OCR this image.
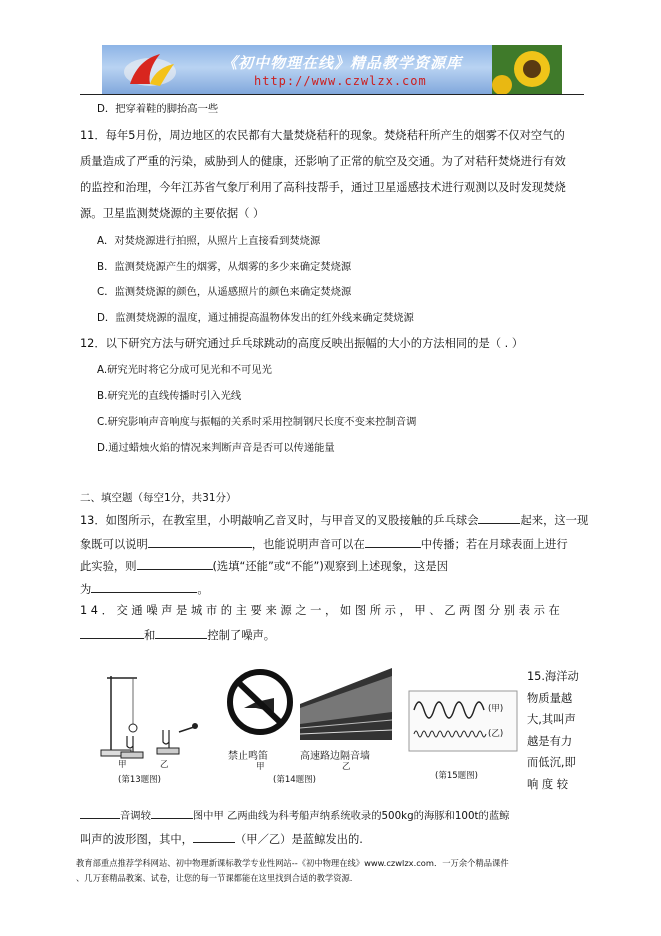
《初中物理在线》精品教学资源库
http://www.czwlzx.com
D．把穿着鞋的脚抬高一些
11．每年5月份，周边地区的农民都有大量焚烧秸秆的现象。焚烧秸秆所产生的烟雾不仅对空气的
质量造成了严重的污染，威胁到人的健康，还影响了正常的航空及交通。为了对秸秆焚烧进行有效
的监控和治理，今年江苏省气象厅利用了高科技帮手，通过卫星遥感技术进行观测以及时发现焚烧
源。卫星监测焚烧源的主要依据（ ）
A．对焚烧源进行拍照，从照片上直接看到焚烧源
B．监测焚烧源产生的烟雾，从烟雾的多少来确定焚烧源
C．监测焚烧源的颜色，从遥感照片的颜色来确定焚烧源
D．监测焚烧源的温度，通过捕提高温物体发出的红外线来确定焚烧源
12．以下研究方法与研究通过乒乓球跳动的高度反映出振幅的大小的方法相同的是（ . ）
A.研究光时将它分成可见光和不可见光
B.研究光的直线传播时引入光线
C.研究影响声音响度与振幅的关系时采用控制钢尺长度不变来控制音调
D.通过蜡烛火焰的情况来判断声音是否可以传递能量
二、填空题（每空1分，共31分）
13．如图所示，在教室里，小明敲响乙音叉时，与甲音叉的叉股接触的乒乓球会	起来，这一现
象既可以说明	，也能说明声音可以在	中传播；若在月球表面上进行
此实验，则	(选填“还能”或“不能”)观察到上述现象，这是因
为	。
14．交通噪声是城市的主要来源之一，如图所示，甲、乙两图分别表示在
和	控制了噪声。
甲	乙
(第13题图)
禁止鸣笛
甲
高速路边隔音墙
乙
(第14题图)
(甲)
(乙)
(第15题图)
15.海洋动
物质量越
大,其叫声
越是有力
而低沉,即
响 度 较
音调较	图中甲 乙两曲线为科考船声纳系统收录的500kg的海豚和100t的蓝鲸
叫声的波形图，其中，	（甲／乙）是蓝鲸发出的.
教育部重点推荐学科网站、初中物理新课标教学专业性网站--《初中物理在线》www.czwlzx.com．一万余个精品课件
、几万套精品教案、试卷，让您的每一节课都能在这里找到合适的教学资源.
